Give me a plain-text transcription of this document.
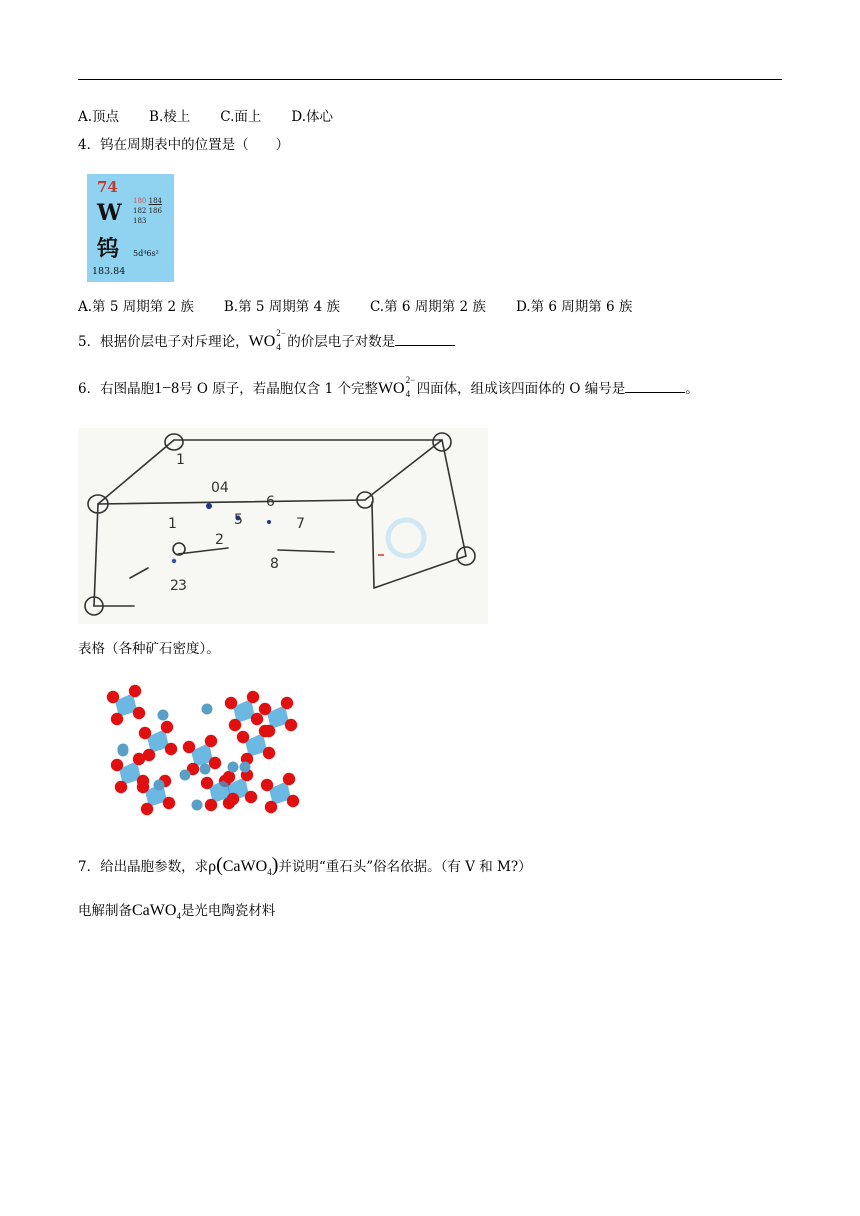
A.顶点 B.棱上 C.面上 D.体心
4．钨在周期表中的位置是（　　）
74
W
钨
180 184
182 186
183
5d⁴6s²
183.84
A.第 5 周期第 2 族 B.第 5 周期第 4 族 C.第 6 周期第 2 族 D.第 6 周期第 6 族
5．根据价层电子对斥理论，WO 2−
4 的价层电子对数是
6．右图晶胞1−8号 O 原子，若晶胞仅含 1 个完整WO 2−
4 四面体，组成该四面体的 O 编号是	。
1
04
6
5	7
1
2
8
2 3
表格（各种矿石密度）。
7．给出晶胞参数，求ρ(CaWO$_4$)并说明“重石头”俗名依据。（有 V 和 M?）
电解制备CaWO$_4$是光电陶瓷材料
